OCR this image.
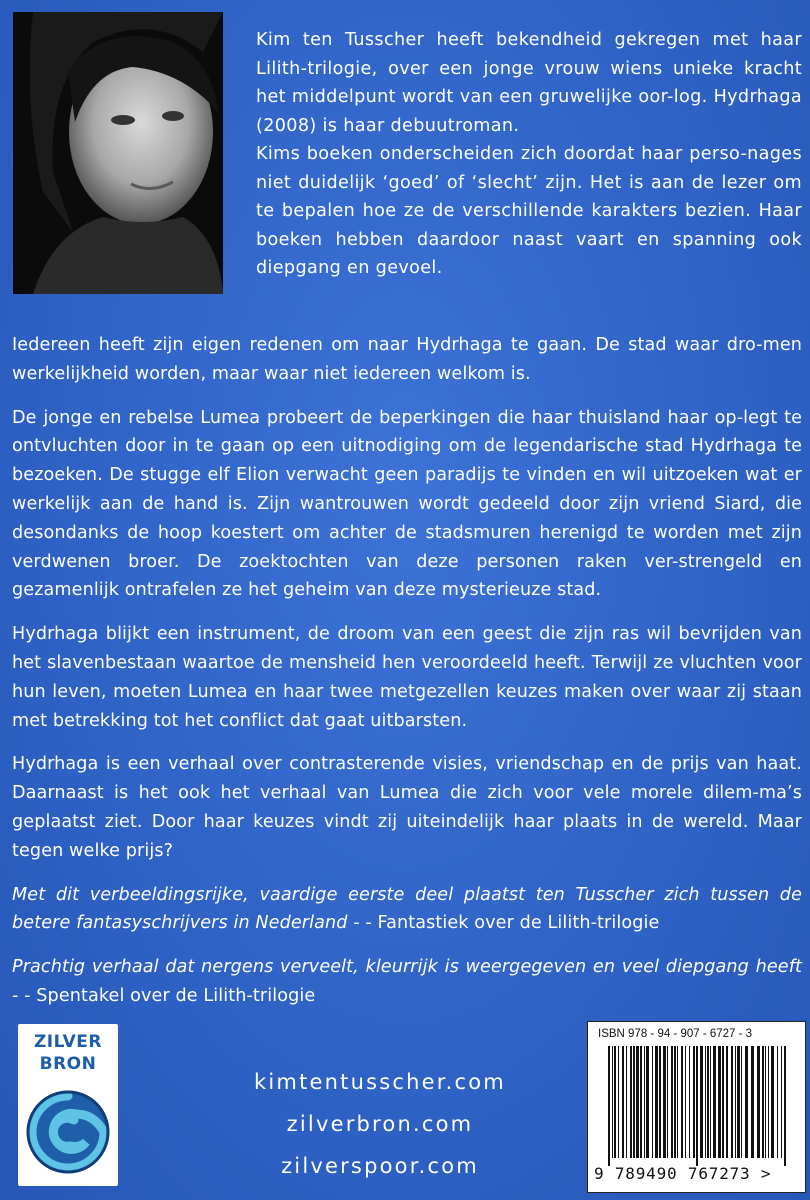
Kim ten Tusscher heeft bekendheid gekregen met haar Lilith-trilogie, over een jonge vrouw wiens unieke kracht het middelpunt wordt van een gruwelijke oor-log. Hydrhaga (2008) is haar debuutroman.

Kims boeken onderscheiden zich doordat haar perso-nages niet duidelijk ‘goed’ of ‘slecht’ zijn. Het is aan de lezer om te bepalen hoe ze de verschillende karakters bezien. Haar boeken hebben daardoor naast vaart en spanning ook diepgang en gevoel.

Iedereen heeft zijn eigen redenen om naar Hydrhaga te gaan. De stad waar dro-men werkelijkheid worden, maar waar niet iedereen welkom is.

De jonge en rebelse Lumea probeert de beperkingen die haar thuisland haar op-legt te ontvluchten door in te gaan op een uitnodiging om de legendarische stad Hydrhaga te bezoeken. De stugge elf Elion verwacht geen paradijs te vinden en wil uitzoeken wat er werkelijk aan de hand is. Zijn wantrouwen wordt gedeeld door zijn vriend Siard, die desondanks de hoop koestert om achter de stadsmuren herenigd te worden met zijn verdwenen broer. De zoektochten van deze personen raken ver-strengeld en gezamenlijk ontrafelen ze het geheim van deze mysterieuze stad.

Hydrhaga blijkt een instrument, de droom van een geest die zijn ras wil bevrijden van het slavenbestaan waartoe de mensheid hen veroordeeld heeft. Terwijl ze vluchten voor hun leven, moeten Lumea en haar twee metgezellen keuzes maken over waar zij staan met betrekking tot het conflict dat gaat uitbarsten.

Hydrhaga is een verhaal over contrasterende visies, vriendschap en de prijs van haat. Daarnaast is het ook het verhaal van Lumea die zich voor vele morele dilem-ma’s geplaatst ziet. Door haar keuzes vindt zij uiteindelijk haar plaats in de wereld. Maar tegen welke prijs?

Met dit verbeeldingsrijke, vaardige eerste deel plaatst ten Tusscher zich tussen de betere fantasyschrijvers in Nederland - - Fantastiek over de Lilith-trilogie
Prachtig verhaal dat nergens verveelt, kleurrijk is weergegeven en veel diepgang heeft - - Spentakel over de Lilith-trilogie
ZILVER
BRON
kimtentusscher.com
zilverbron.com
zilverspoor.com
ISBN 978 - 94 - 907 - 6727 - 3
9 789490 767273 >
